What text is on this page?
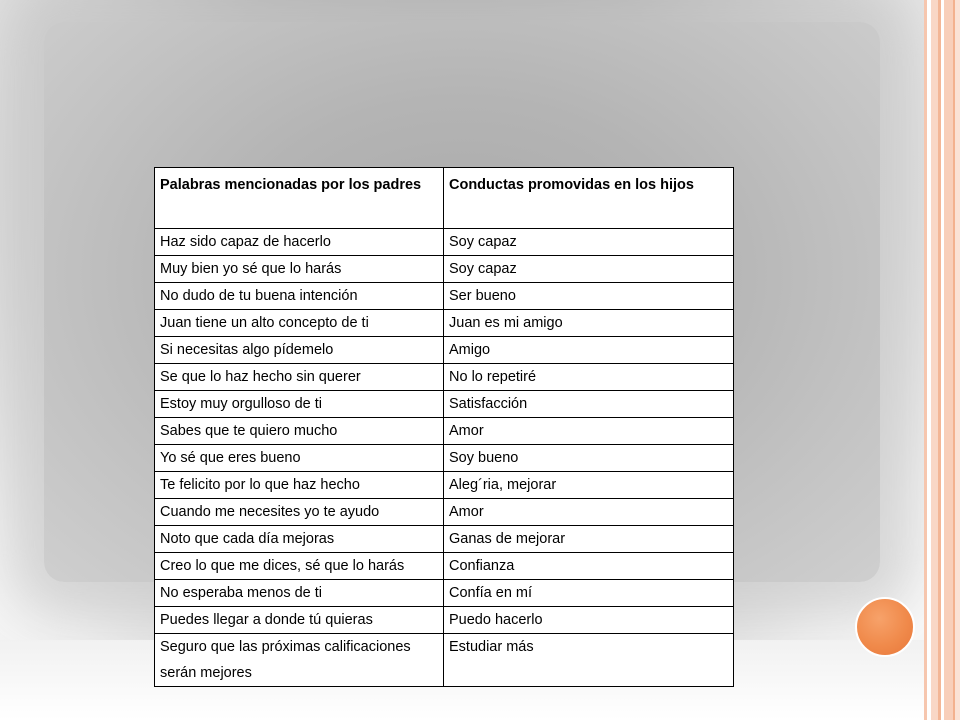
Palabras mencionadas por los padres	Conductas promovidas en los hijos
Haz sido capaz de hacerlo	Soy capaz
Muy bien yo sé que lo harás	Soy capaz
No dudo de tu buena intención	Ser bueno
Juan tiene un alto concepto de ti	Juan es mi amigo
Si necesitas algo pídemelo	Amigo
Se que lo haz hecho sin querer	No lo repetiré
Estoy muy orgulloso de ti	Satisfacción
Sabes que te quiero mucho	Amor
Yo sé que eres bueno	Soy bueno
Te felicito por lo que haz hecho	Aleg´ria, mejorar
Cuando me necesites yo te ayudo	Amor
Noto que cada día mejoras	Ganas de mejorar
Creo lo que me dices, sé que lo harás	Confianza
No esperaba menos de ti	Confía en mí
Puedes llegar a donde tú quieras	Puedo hacerlo
Seguro que las próximas calificaciones serán mejores	Estudiar más
